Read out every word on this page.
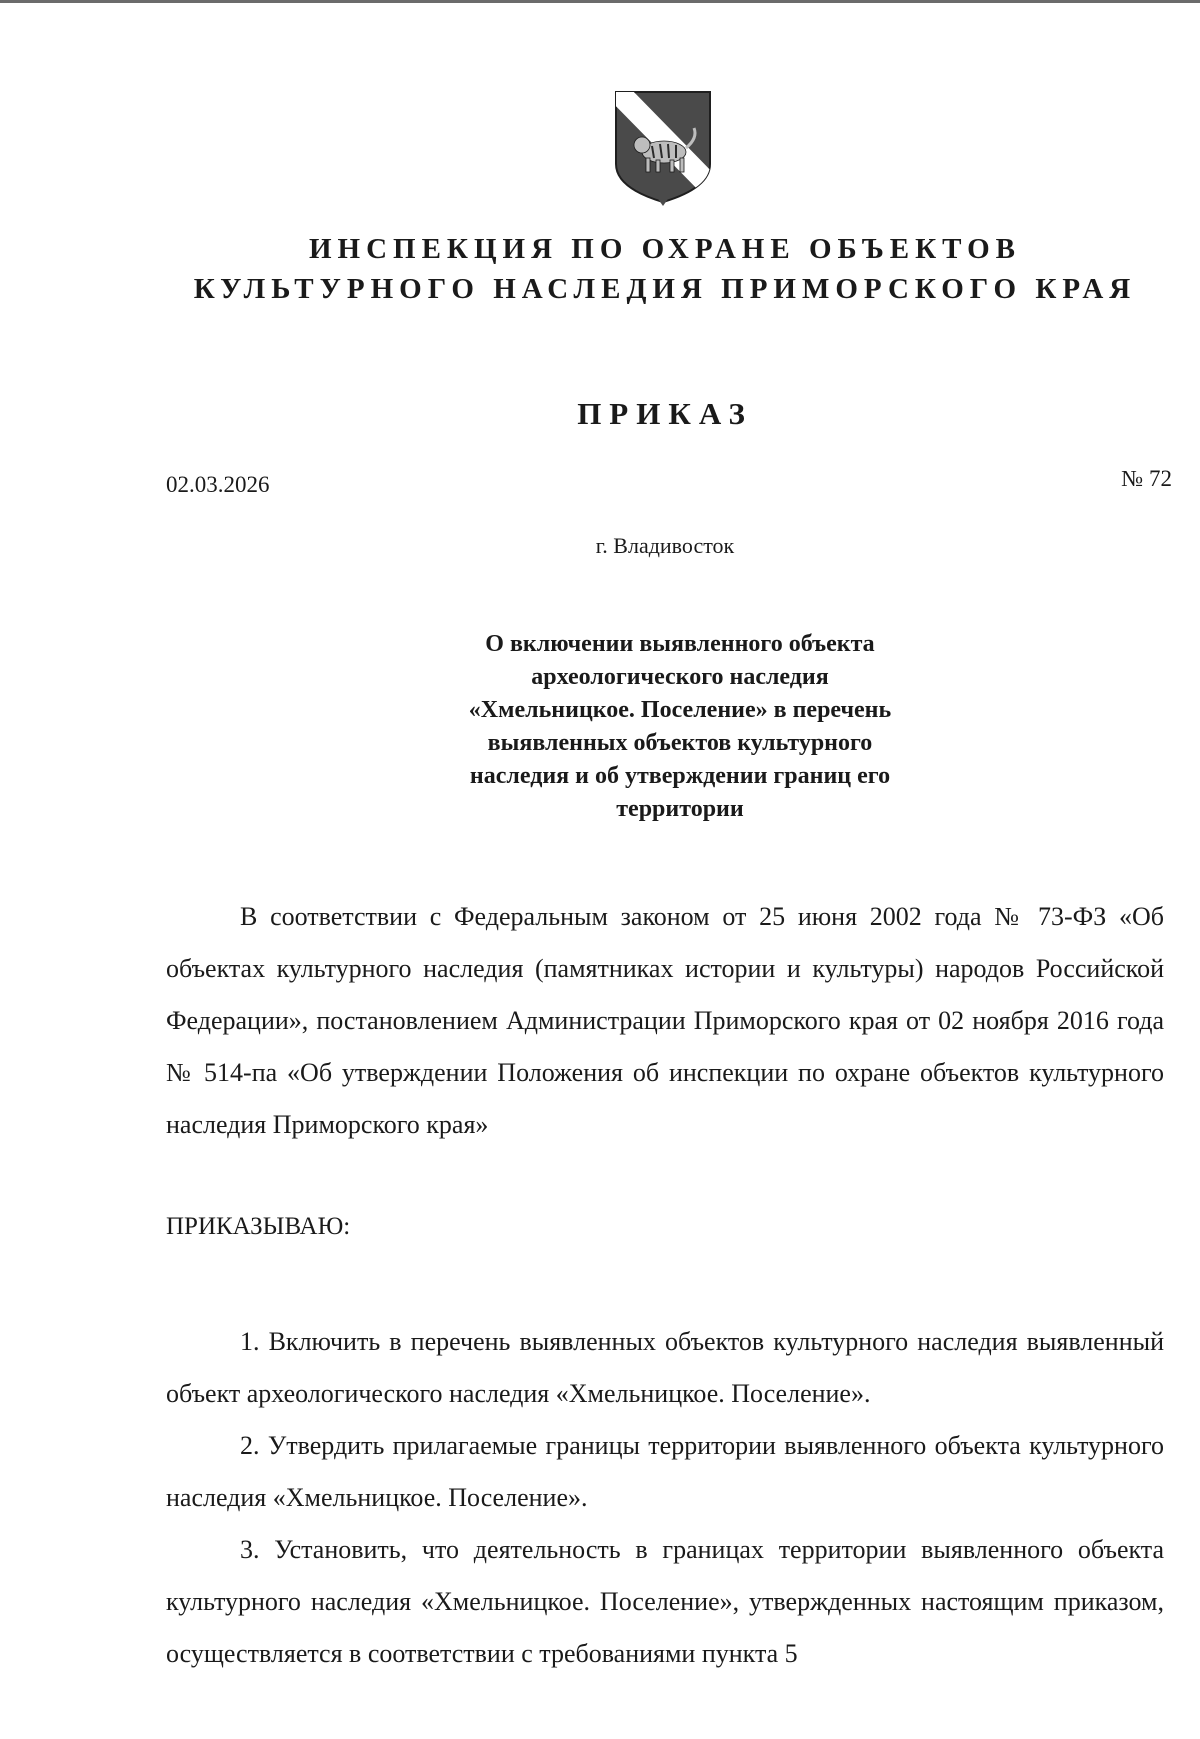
ИНСПЕКЦИЯ ПО ОХРАНЕ ОБЪЕКТОВ
КУЛЬТУРНОГО НАСЛЕДИЯ ПРИМОРСКОГО КРАЯ
ПРИКАЗ
02.03.2026	№ 72
г. Владивосток
О включении выявленного объекта
археологического наследия
«Хмельницкое. Поселение» в перечень
выявленных объектов культурного
наследия и об утверждении границ его
территории
В соответствии с Федеральным законом от 25 июня 2002 года № 73-ФЗ «Об объектах культурного наследия (памятниках истории и культуры) народов Российской Федерации», постановлением Администрации Приморского края от 02 ноября 2016 года № 514-па «Об утверждении Положения об инспекции по охране объектов культурного наследия Приморского края»
ПРИКАЗЫВАЮ:
1. Включить в перечень выявленных объектов культурного наследия выявленный объект археологического наследия «Хмельницкое. Поселение».
2. Утвердить прилагаемые границы территории выявленного объекта культурного наследия «Хмельницкое. Поселение».
3. Установить, что деятельность в границах территории выявленного объекта культурного наследия «Хмельницкое. Поселение», утвержденных настоящим приказом, осуществляется в соответствии с требованиями пункта 5
